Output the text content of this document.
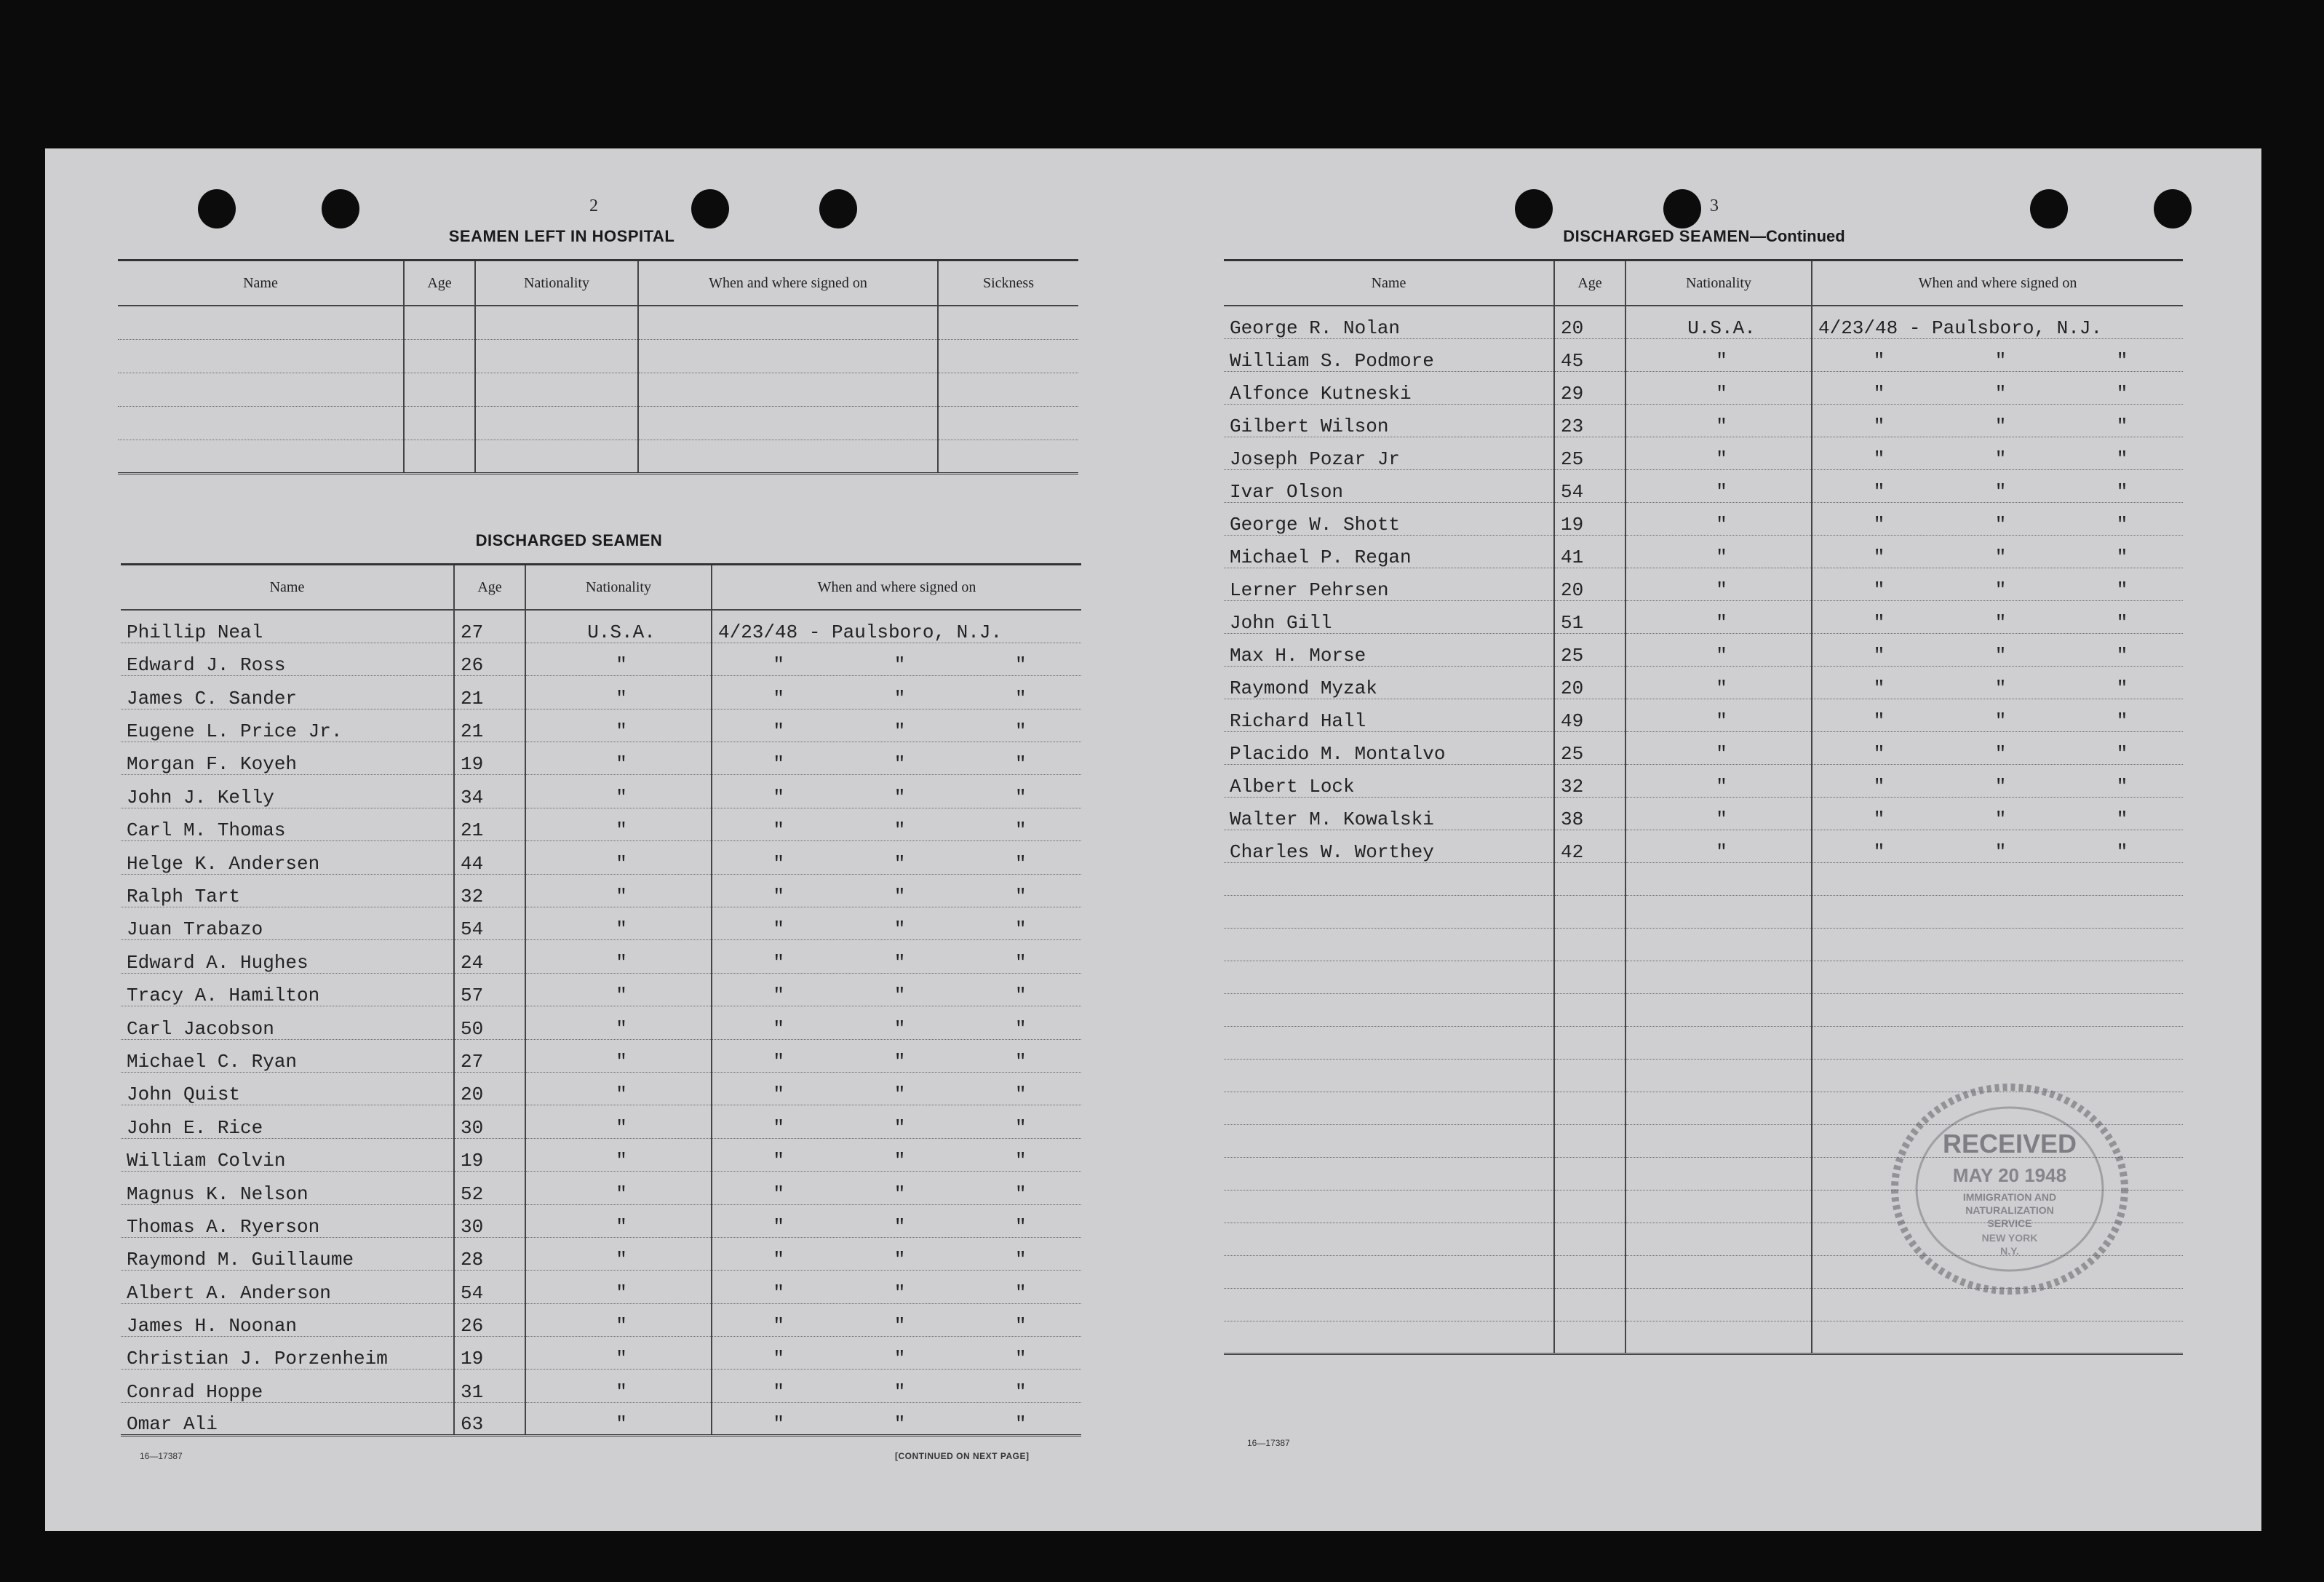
2
SEAMEN LEFT IN HOSPITAL
Name	Age	Nationality	When and where signed on	Sickness

DISCHARGED SEAMEN
Name	Age	Nationality	When and where signed on
Phillip Neal	27	U.S.A.	4/23/48 - Paulsboro, N.J.
Edward J. Ross	26	"	" " "

James C. Sander	21	"	" " "

Eugene L. Price Jr.	21	"	" " "

Morgan F. Koyeh	19	"	" " "

John J. Kelly	34	"	" " "

Carl M. Thomas	21	"	" " "

Helge K. Andersen	44	"	" " "

Ralph Tart	32	"	" " "

Juan Trabazo	54	"	" " "

Edward A. Hughes	24	"	" " "

Tracy A. Hamilton	57	"	" " "

Carl Jacobson	50	"	" " "

Michael C. Ryan	27	"	" " "

John Quist	20	"	" " "

John E. Rice	30	"	" " "

William Colvin	19	"	" " "

Magnus K. Nelson	52	"	" " "

Thomas A. Ryerson	30	"	" " "

Raymond M. Guillaume	28	"	" " "

Albert A. Anderson	54	"	" " "

James H. Noonan	26	"	" " "

Christian J. Porzenheim	19	"	" " "

Conrad Hoppe	31	"	" " "

Omar Ali	63	"	" " "
16—17387	[CONTINUED ON NEXT PAGE]
3
DISCHARGED SEAMEN—Continued
Name	Age	Nationality	When and where signed on
George R. Nolan	20	U.S.A.	4/23/48 - Paulsboro, N.J.
William S. Podmore	45	"	" " "

Alfonce Kutneski	29	"	" " "

Gilbert Wilson	23	"	" " "

Joseph Pozar Jr	25	"	" " "

Ivar Olson	54	"	" " "

George W. Shott	19	"	" " "

Michael P. Regan	41	"	" " "

Lerner Pehrsen	20	"	" " "

John Gill	51	"	" " "

Max H. Morse	25	"	" " "

Raymond Myzak	20	"	" " "

Richard Hall	49	"	" " "

Placido M. Montalvo	25	"	" " "

Albert Lock	32	"	" " "

Walter M. Kowalski	38	"	" " "

Charles W. Worthey	42	"	" " "

16—17387
RECEIVED
MAY 20 1948
IMMIGRATION AND
NATURALIZATION
SERVICE
NEW YORK
N.Y.
